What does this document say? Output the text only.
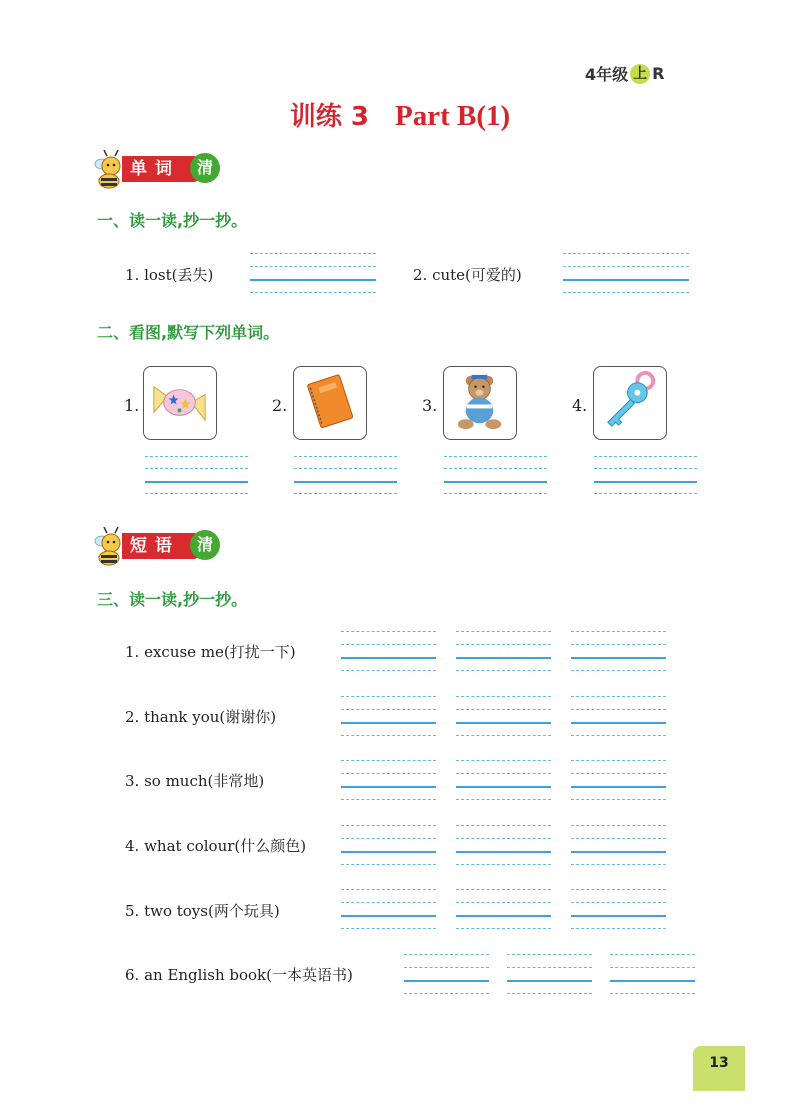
4年级 上 R
训练 3 Part B(1)
单词	清
一、读一读,抄一抄。
1. lost(丢失)	2. cute(可爱的)
二、看图,默写下列单词。
1.	2.	3.	4.
短语	清
三、读一读,抄一抄。
1. excuse me(打扰一下)
2. thank you(谢谢你)
3. so much(非常地)
4. what colour(什么颜色)
5. two toys(两个玩具)
6. an English book(一本英语书)
13
